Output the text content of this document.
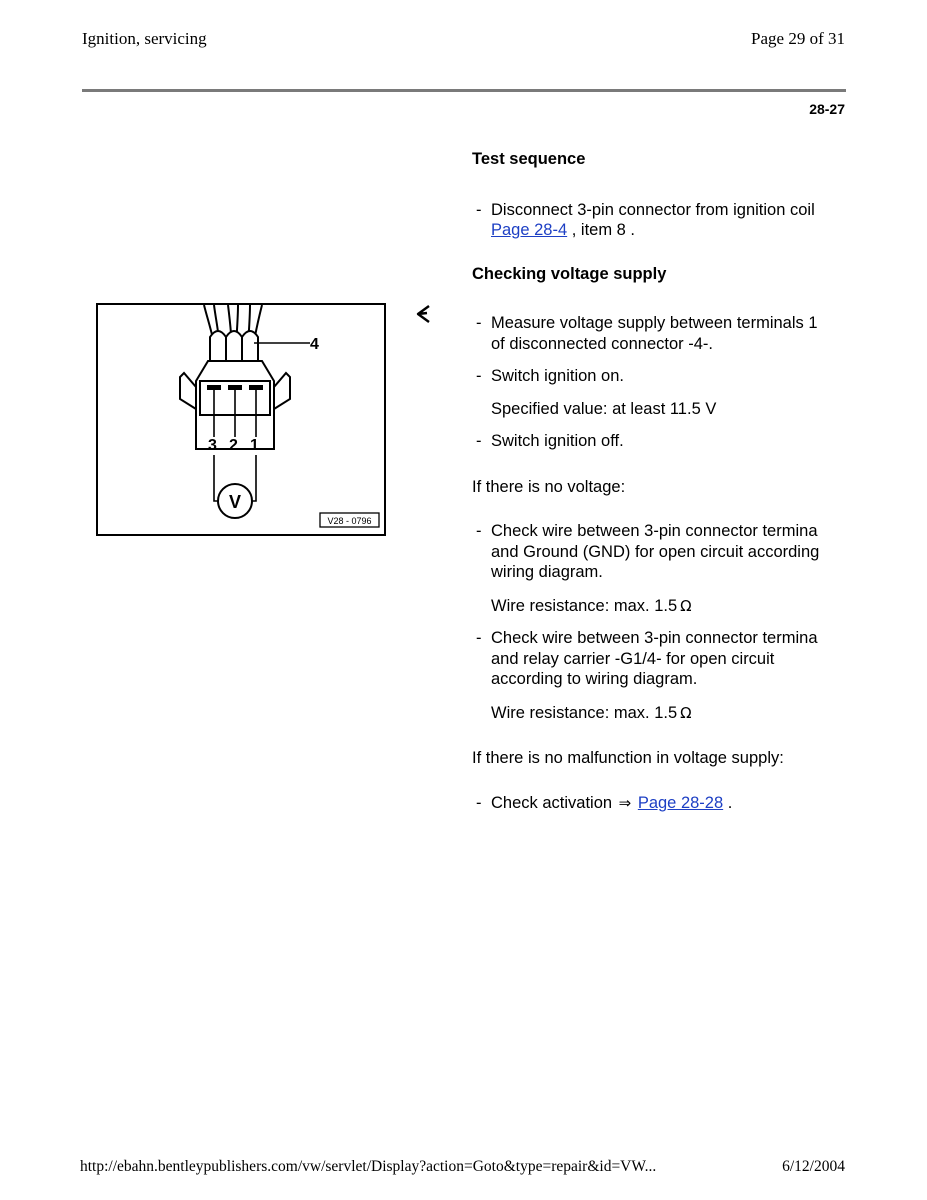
Ignition, servicing	Page 29 of 31
28-27
4
3 2 1
V
V28 - 0796
Test sequence
- Disconnect 3-pin connector from ignition coil
Page 28-4 , item 8 .
Checking voltage supply
- Measure voltage supply between terminals 1
of disconnected connector -4-.
- Switch ignition on.
Specified value: at least 11.5 V
- Switch ignition off.
If there is no voltage:
- Check wire between 3-pin connector termina
and Ground (GND) for open circuit according
wiring diagram.
Wire resistance: max. 1.5 Ω
- Check wire between 3-pin connector termina
and relay carrier -G1/4- for open circuit
according to wiring diagram.
Wire resistance: max. 1.5 Ω
If there is no malfunction in voltage supply:
- Check activation ⇒ Page 28-28 .
http://ebahn.bentleypublishers.com/vw/servlet/Display?action=Goto&type=repair&id=VW...	6/12/2004
